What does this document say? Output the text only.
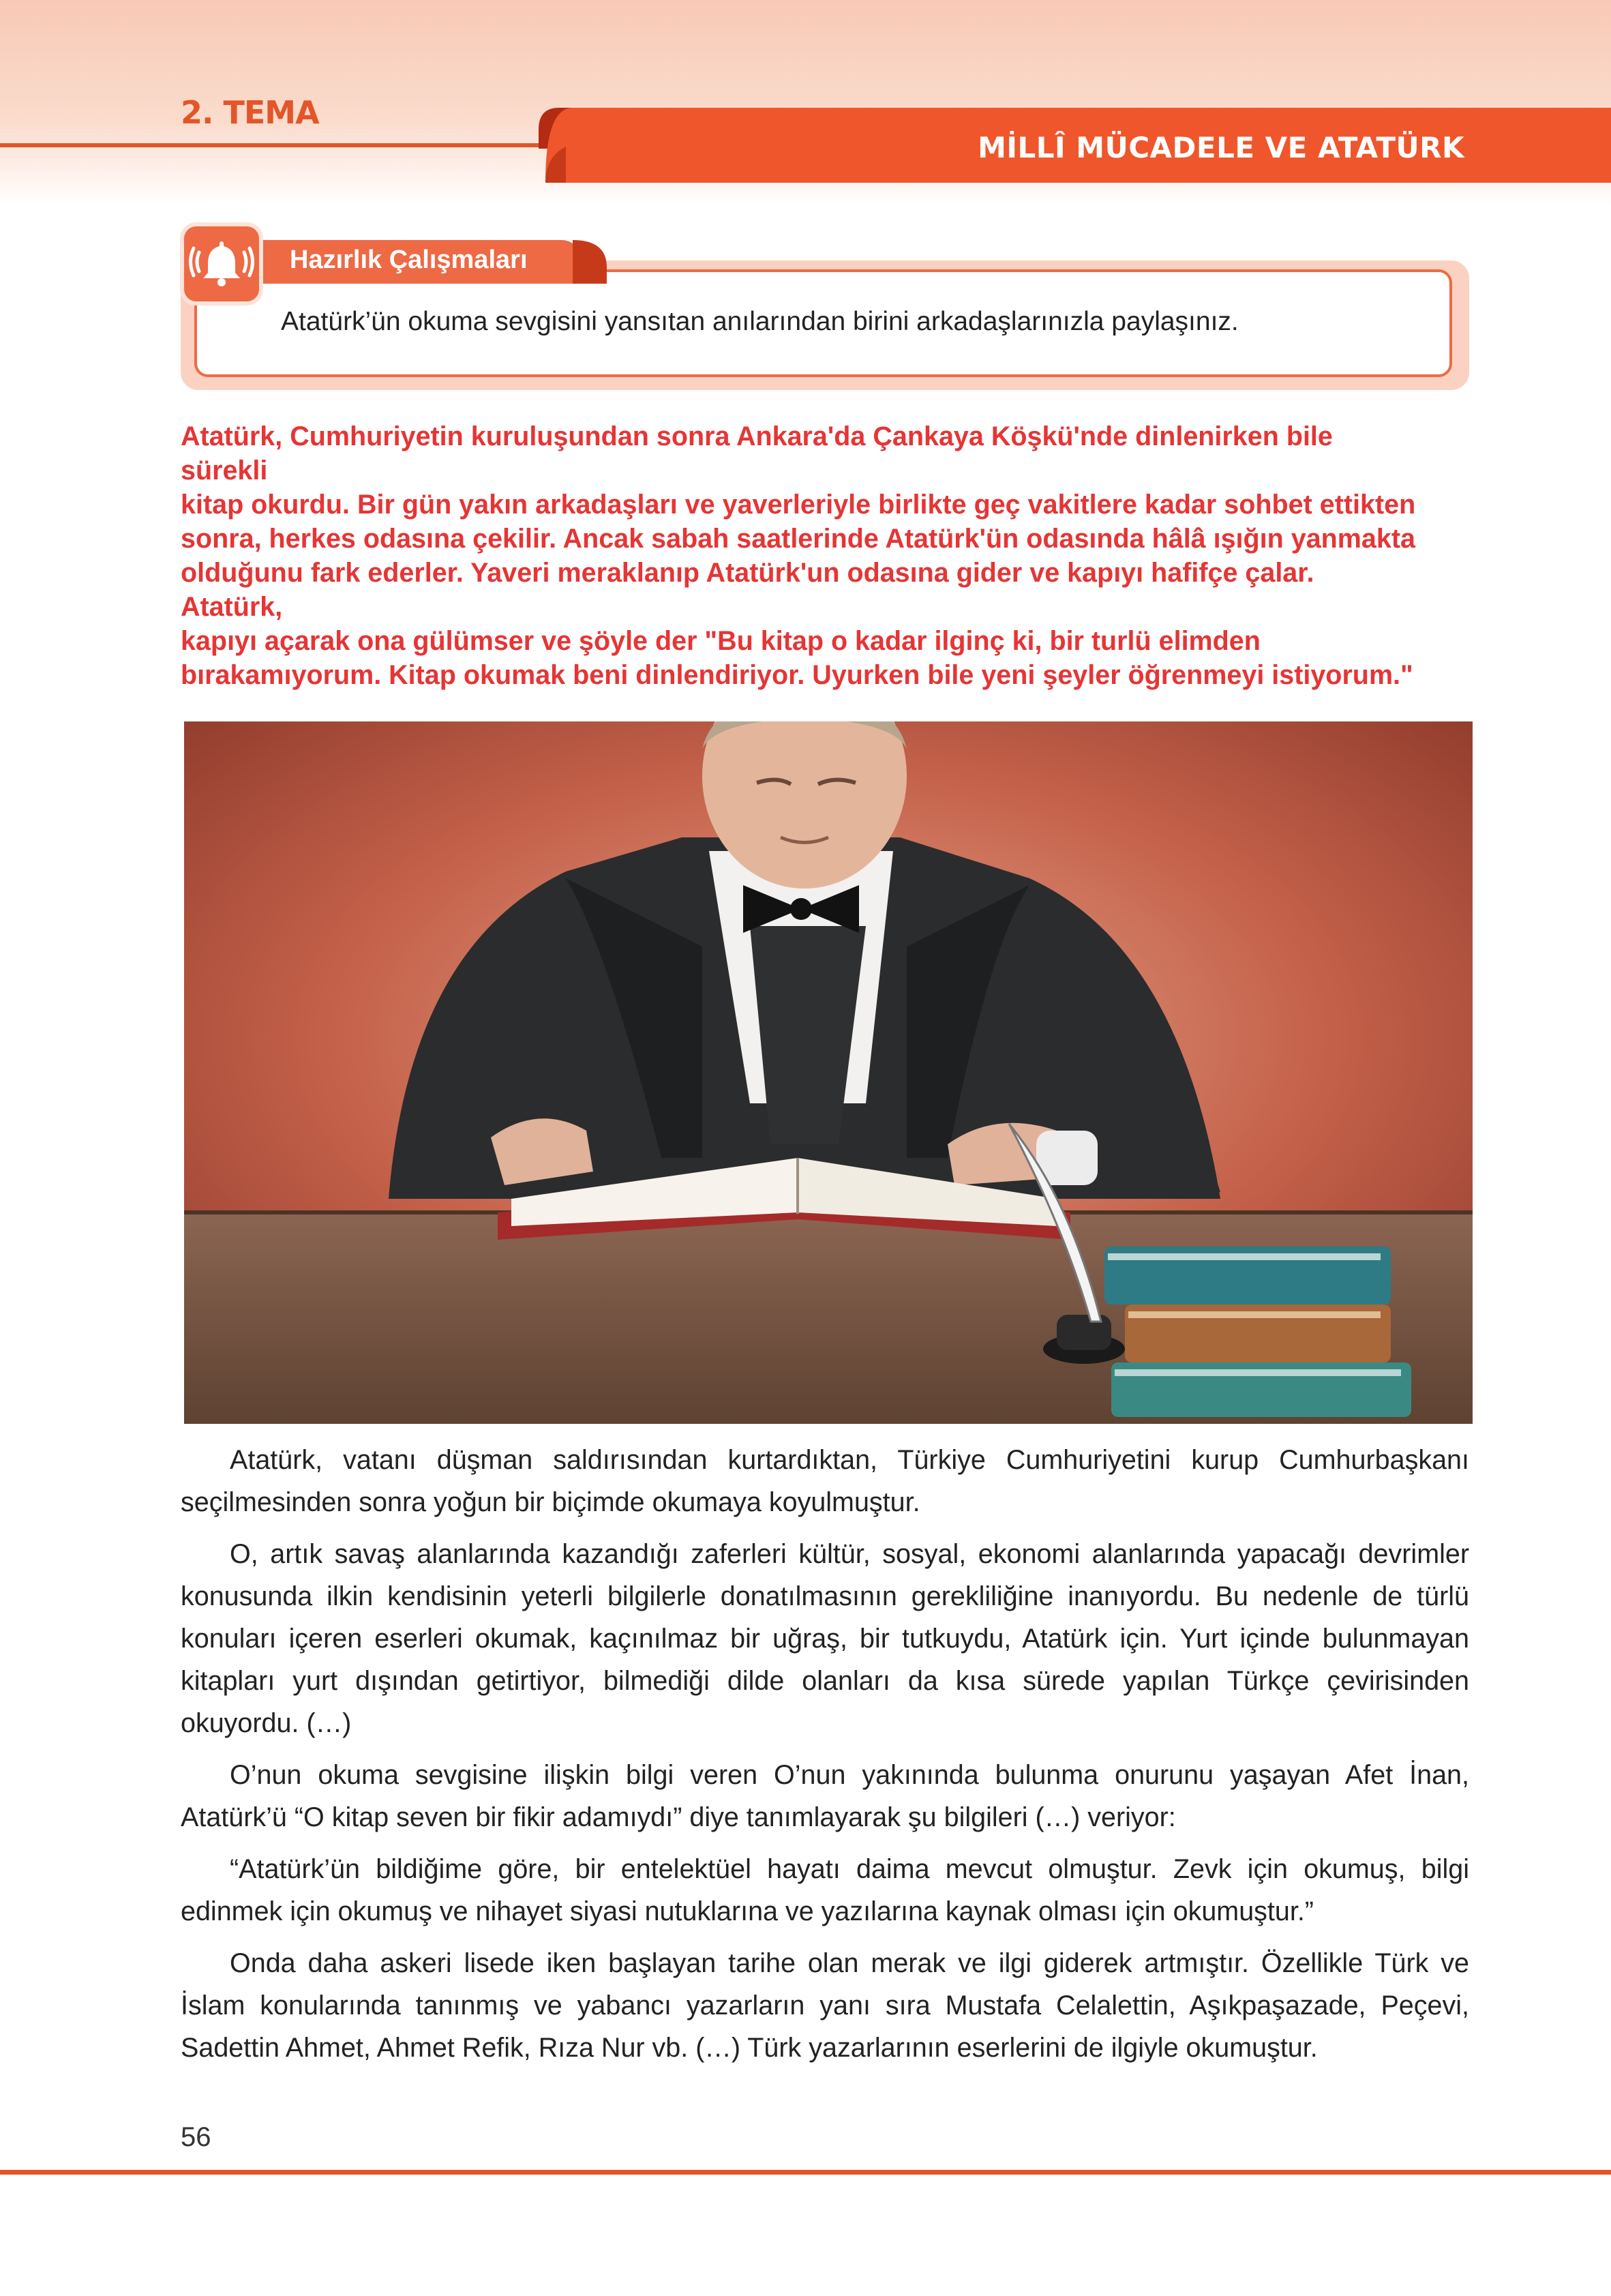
2. TEMA
MİLLÎ MÜCADELE VE ATATÜRK
Hazırlık Çalışmaları
Atatürk’ün okuma sevgisini yansıtan anılarından birini arkadaşlarınızla paylaşınız.
Atatürk, Cumhuriyetin kuruluşundan sonra Ankara'da Çankaya Köşkü'nde dinlenirken bile
sürekli
kitap okurdu. Bir gün yakın arkadaşları ve yaverleriyle birlikte geç vakitlere kadar sohbet ettikten
sonra, herkes odasına çekilir. Ancak sabah saatlerinde Atatürk'ün odasında hâlâ ışığın yanmakta
olduğunu fark ederler. Yaveri meraklanıp Atatürk'un odasına gider ve kapıyı hafifçe çalar.
Atatürk,
kapıyı açarak ona gülümser ve şöyle der "Bu kitap o kadar ilginç ki, bir turlü elimden
bırakamıyorum. Kitap okumak beni dinlendiriyor. Uyurken bile yeni şeyler öğrenmeyi istiyorum."

Atatürk, vatanı düşman saldırısından kurtardıktan, Türkiye Cumhuriyetini kurup Cumhurbaşkanı seçilmesinden sonra yoğun bir biçimde okumaya koyulmuştur.

O, artık savaş alanlarında kazandığı zaferleri kültür, sosyal, ekonomi alanlarında yapacağı devrimler konusunda ilkin kendisinin yeterli bilgilerle donatılmasının gerekliliğine inanıyordu. Bu nedenle de türlü konuları içeren eserleri okumak, kaçınılmaz bir uğraş, bir tutkuydu, Atatürk için. Yurt içinde bulunmayan kitapları yurt dışından getirtiyor, bilmediği dilde olanları da kısa sürede yapılan Türkçe çevirisinden okuyordu. (…)

O’nun okuma sevgisine ilişkin bilgi veren O’nun yakınında bulunma onurunu yaşayan Afet İnan, Atatürk’ü “O kitap seven bir fikir adamıydı” diye tanımlayarak şu bilgileri (…) veriyor:

“Atatürk’ün bildiğime göre, bir entelektüel hayatı daima mevcut olmuştur. Zevk için okumuş, bilgi edinmek için okumuş ve nihayet siyasi nutuklarına ve yazılarına kaynak olması için okumuştur.”

Onda daha askeri lisede iken başlayan tarihe olan merak ve ilgi giderek artmıştır. Özellikle Türk ve İslam konularında tanınmış ve yabancı yazarların yanı sıra Mustafa Celalettin, Aşıkpaşazade, Peçevi, Sadettin Ahmet, Ahmet Refik, Rıza Nur vb. (…) Türk yazarlarının eserlerini de ilgiyle okumuştur.

56
